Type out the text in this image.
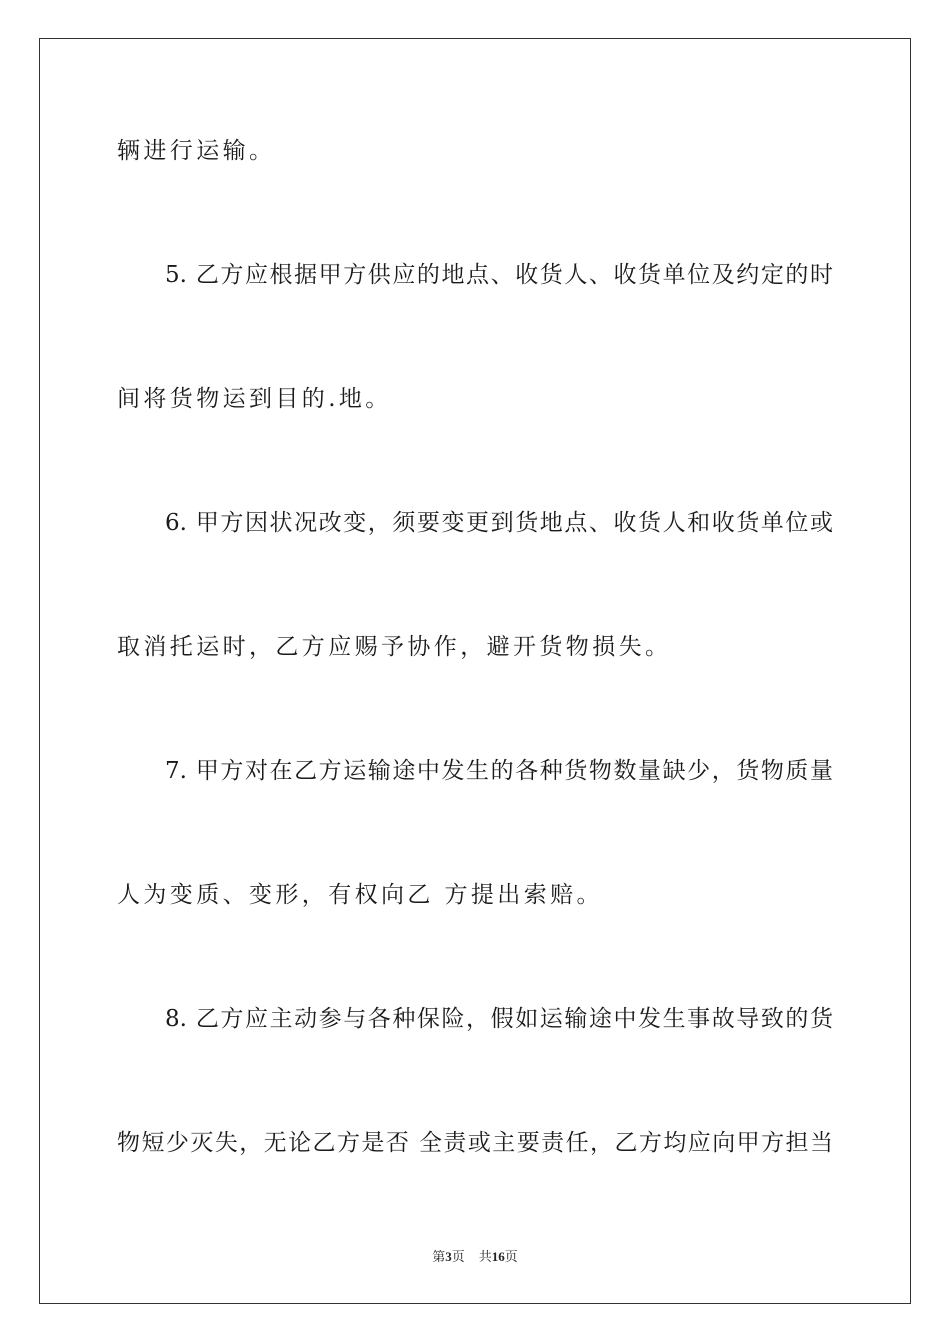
辆进行运输。

5. 乙方应根据甲方供应的地点、收货人、收货单位及约定的时

间将货物运到目的.地。

6. 甲方因状况改变，须要变更到货地点、收货人和收货单位或

取消托运时，乙方应赐予协作，避开货物损失。

7. 甲方对在乙方运输途中发生的各种货物数量缺少，货物质量

人为变质、变形，有权向乙 方提出索赔。

8. 乙方应主动参与各种保险，假如运输途中发生事故导致的货

物短少灭失，无论乙方是否 全责或主要责任，乙方均应向甲方担当

第3页 共16页
